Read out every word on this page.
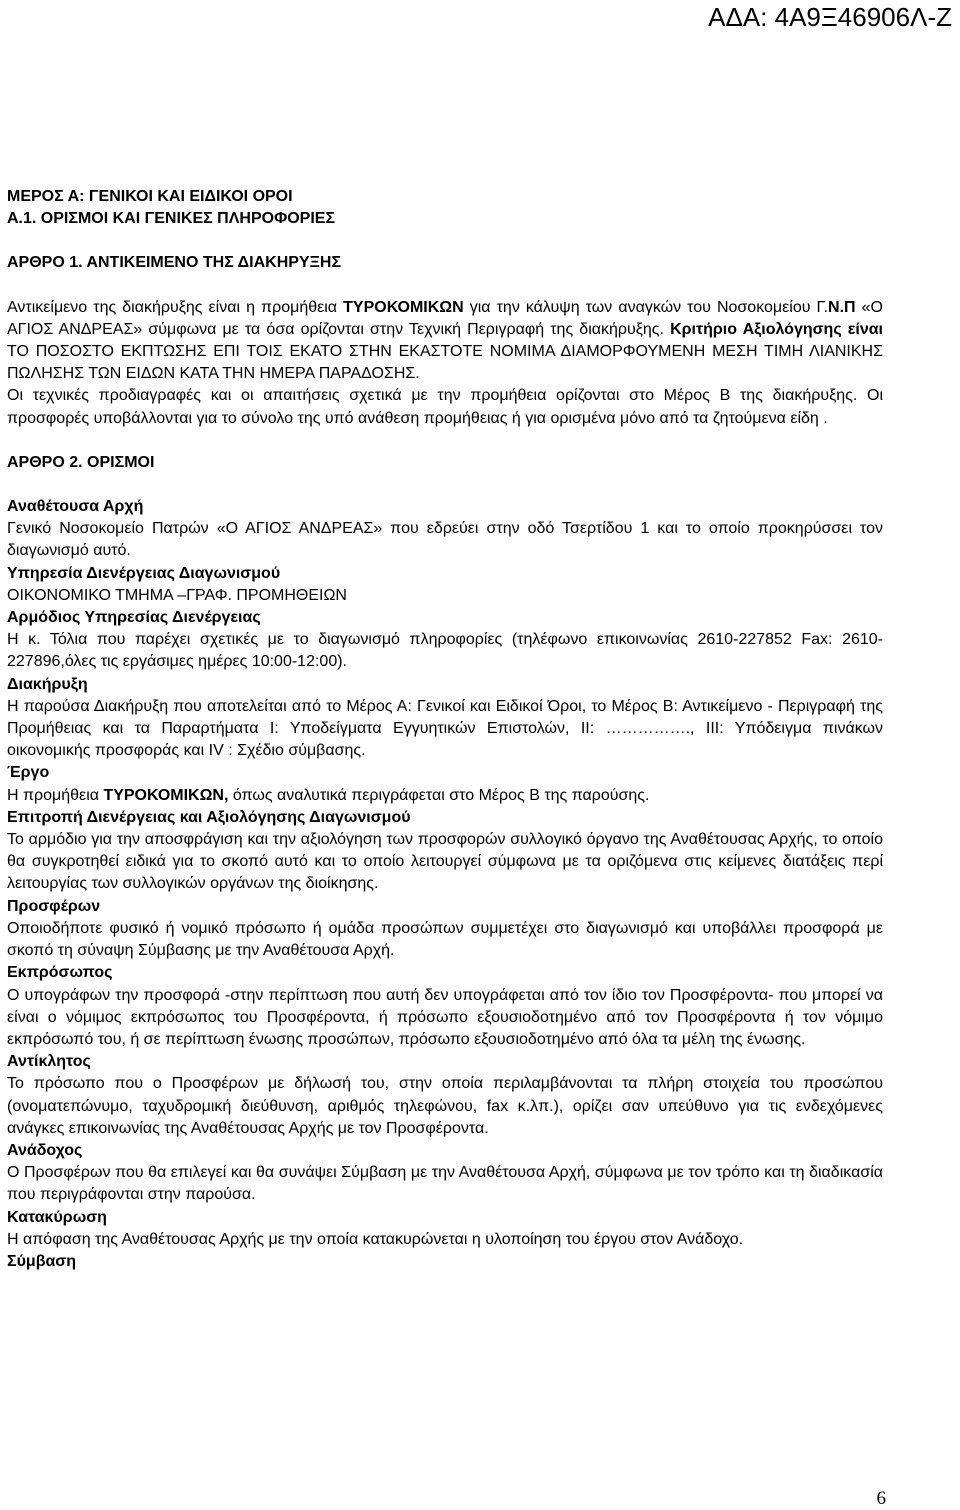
ΑΔΑ: 4Α9Ξ46906Λ-Ζ

ΜΕΡΟΣ Α: ΓΕΝΙΚΟΙ ΚΑΙ ΕΙΔΙΚΟΙ ΟΡΟΙ

Α.1. ΟΡΙΣΜΟΙ ΚΑΙ ΓΕΝΙΚΕΣ ΠΛΗΡΟΦΟΡΙΕΣ

ΑΡΘΡΟ 1. ΑΝΤΙΚΕΙΜΕΝΟ ΤΗΣ ΔΙΑΚΗΡΥΞΗΣ

Αντικείμενο της διακήρυξης είναι η προμήθεια ΤΥΡΟΚΟΜΙΚΩΝ για την κάλυψη των αναγκών του Νοσοκομείου Γ.Ν.Π «Ο ΑΓΙΟΣ ΑΝΔΡΕΑΣ» σύμφωνα με τα όσα ορίζονται στην Τεχνική Περιγραφή της διακήρυξης. Κριτήριο Αξιολόγησης είναι ΤΟ ΠΟΣΟΣΤΟ ΕΚΠΤΩΣΗΣ ΕΠΙ ΤΟΙΣ ΕΚΑΤΟ ΣΤΗΝ ΕΚΑΣΤΟΤΕ ΝΟΜΙΜΑ ΔΙΑΜΟΡΦΟΥΜΕΝΗ ΜΕΣΗ ΤΙΜΗ ΛΙΑΝΙΚΗΣ ΠΩΛΗΣΗΣ ΤΩΝ ΕΙΔΩΝ ΚΑΤΑ ΤΗΝ ΗΜΕΡΑ ΠΑΡΑΔΟΣΗΣ.

Οι τεχνικές προδιαγραφές και οι απαιτήσεις σχετικά με την προμήθεια ορίζονται στο Μέρος Β της διακήρυξης. Οι προσφορές υποβάλλονται για το σύνολο της υπό ανάθεση προμήθειας ή για ορισμένα μόνο από τα ζητούμενα είδη .

ΑΡΘΡΟ 2. ΟΡΙΣΜΟΙ

Αναθέτουσα Αρχή

Γενικό Νοσοκομείο Πατρών «Ο ΑΓΙΟΣ ΑΝΔΡΕΑΣ» που εδρεύει στην οδό Τσερτίδου 1 και το οποίο προκηρύσσει τον διαγωνισμό αυτό.

Υπηρεσία Διενέργειας Διαγωνισμού

ΟΙΚΟΝΟΜΙΚΟ ΤΜΗΜΑ –ΓΡΑΦ. ΠΡΟΜΗΘΕΙΩΝ

Αρμόδιος Υπηρεσίας Διενέργειας

Η κ. Τόλια που παρέχει σχετικές με το διαγωνισμό πληροφορίες (τηλέφωνο επικοινωνίας 2610-227852 Fax: 2610-227896,όλες τις εργάσιμες ημέρες 10:00-12:00).

Διακήρυξη

Η παρούσα Διακήρυξη που αποτελείται από το Μέρος Α: Γενικοί και Ειδικοί Όροι, το Μέρος Β: Αντικείμενο - Περιγραφή της Προμήθειας και τα Παραρτήματα Ι: Υποδείγματα Εγγυητικών Επιστολών, ΙΙ: ……………., ΙΙΙ: Υπόδειγμα πινάκων οικονομικής προσφοράς και IV : Σχέδιο σύμβασης.

Έργο

Η προμήθεια ΤΥΡΟΚΟΜΙΚΩΝ, όπως αναλυτικά περιγράφεται στο Μέρος Β της παρούσης.

Επιτροπή Διενέργειας και Αξιολόγησης Διαγωνισμού

Το αρμόδιο για την αποσφράγιση και την αξιολόγηση των προσφορών συλλογικό όργανο της Αναθέτουσας Αρχής, το οποίο θα συγκροτηθεί ειδικά για το σκοπό αυτό και το οποίο λειτουργεί σύμφωνα με τα οριζόμενα στις κείμενες διατάξεις περί λειτουργίας των συλλογικών οργάνων της διοίκησης.

Προσφέρων

Οποιοδήποτε φυσικό ή νομικό πρόσωπο ή ομάδα προσώπων συμμετέχει στο διαγωνισμό και υποβάλλει προσφορά με σκοπό τη σύναψη Σύμβασης με την Αναθέτουσα Αρχή.

Εκπρόσωπος

Ο υπογράφων την προσφορά -στην περίπτωση που αυτή δεν υπογράφεται από τον ίδιο τον Προσφέροντα- που μπορεί να είναι ο νόμιμος εκπρόσωπος του Προσφέροντα, ή πρόσωπο εξουσιοδοτημένο από τον Προσφέροντα ή τον νόμιμο εκπρόσωπό του, ή σε περίπτωση ένωσης προσώπων, πρόσωπο εξουσιοδοτημένο από όλα τα μέλη της ένωσης.

Αντίκλητος

Το πρόσωπο που ο Προσφέρων με δήλωσή του, στην οποία περιλαμβάνονται τα πλήρη στοιχεία του προσώπου (ονοματεπώνυμο, ταχυδρομική διεύθυνση, αριθμός τηλεφώνου, fax κ.λπ.), ορίζει σαν υπεύθυνο για τις ενδεχόμενες ανάγκες επικοινωνίας της Αναθέτουσας Αρχής με τον Προσφέροντα.

Ανάδοχος

Ο Προσφέρων που θα επιλεγεί και θα συνάψει Σύμβαση με την Αναθέτουσα Αρχή, σύμφωνα με τον τρόπο και τη διαδικασία που περιγράφονται στην παρούσα.

Κατακύρωση

Η απόφαση της Αναθέτουσας Αρχής με την οποία κατακυρώνεται η υλοποίηση του έργου στον Ανάδοχο.

Σύμβαση

6
